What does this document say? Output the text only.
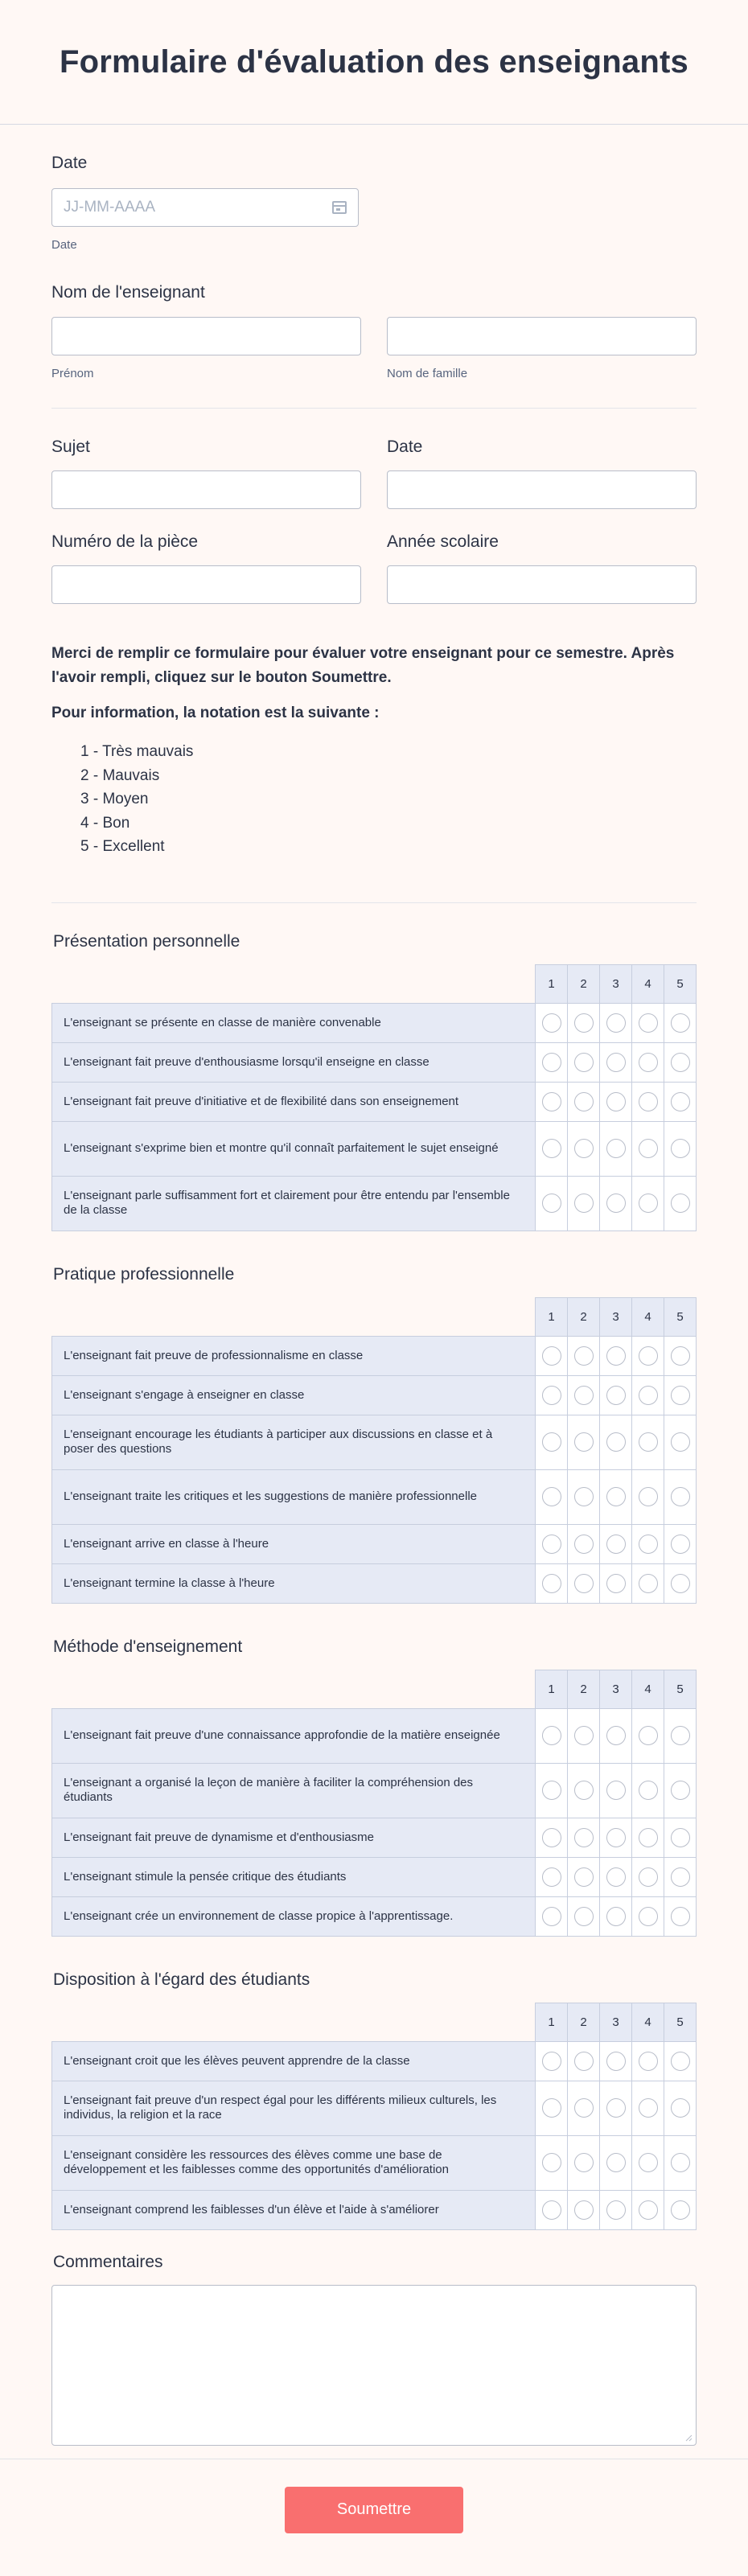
Formulaire d'évaluation des enseignants
Date
JJ-MM-AAAA
Date
Nom de l'enseignant
Prénom	Nom de famille
Sujet	Date
Numéro de la pièce	Année scolaire

Merci de remplir ce formulaire pour évaluer votre enseignant pour ce semestre. Après l'avoir rempli, cliquez sur le bouton Soumettre.

Pour information, la notation est la suivante :

1 - Très mauvais
2 - Mauvais
3 - Moyen
4 - Bon
5 - Excellent
Présentation personnelle
	1	2	3	4	5
L'enseignant se présente en classe de manière convenable					
L'enseignant fait preuve d'enthousiasme lorsqu'il enseigne en classe					
L'enseignant fait preuve d'initiative et de flexibilité dans son enseignement					
L'enseignant s'exprime bien et montre qu'il connaît parfaitement le sujet enseigné					
L'enseignant parle suffisamment fort et clairement pour être entendu par l'ensemble de la classe					
Pratique professionnelle
	1	2	3	4	5
L'enseignant fait preuve de professionnalisme en classe					
L'enseignant s'engage à enseigner en classe					
L'enseignant encourage les étudiants à participer aux discussions en classe et à poser des questions					
L'enseignant traite les critiques et les suggestions de manière professionnelle					
L'enseignant arrive en classe à l'heure					
L'enseignant termine la classe à l'heure					
Méthode d'enseignement
	1	2	3	4	5
L'enseignant fait preuve d'une connaissance approfondie de la matière enseignée					
L'enseignant a organisé la leçon de manière à faciliter la compréhension des étudiants					
L'enseignant fait preuve de dynamisme et d'enthousiasme					
L'enseignant stimule la pensée critique des étudiants					
L'enseignant crée un environnement de classe propice à l'apprentissage.					
Disposition à l'égard des étudiants
	1	2	3	4	5
L'enseignant croit que les élèves peuvent apprendre de la classe					
L'enseignant fait preuve d'un respect égal pour les différents milieux culturels, les individus, la religion et la race					
L'enseignant considère les ressources des élèves comme une base de développement et les faiblesses comme des opportunités d'amélioration					
L'enseignant comprend les faiblesses d'un élève et l'aide à s'améliorer					
Commentaires
Soumettre
